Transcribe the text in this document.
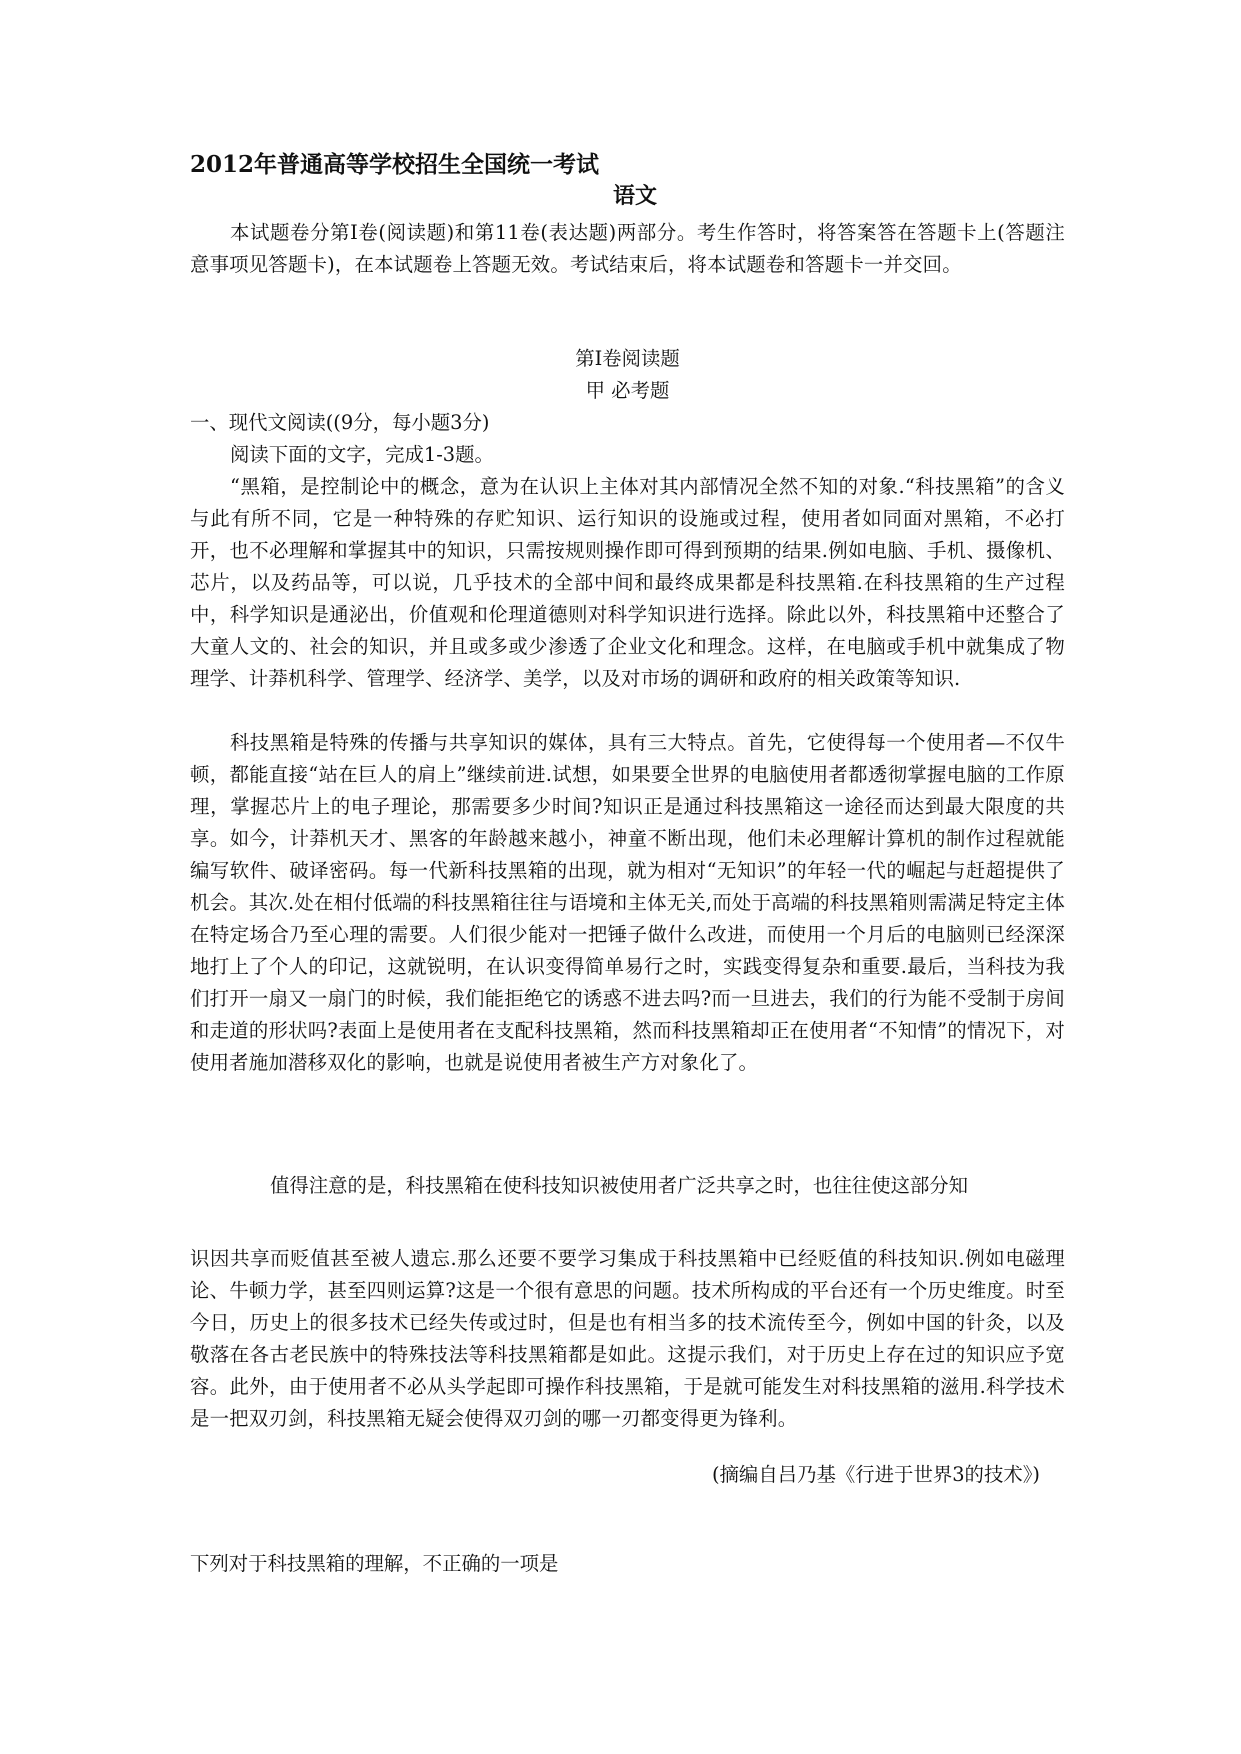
2012年普通高等学校招生全国统一考试
语文

本试题卷分第Ⅰ卷(阅读题)和第11卷(表达题)两部分。考生作答时，将答案答在答题卡上(答题注意事项见答题卡)，在本试题卷上答题无效。考试结束后，将本试题卷和答题卡一并交回。

第Ⅰ卷阅读题
甲 必考题
一、现代文阅读((9分，每小题3分)
阅读下面的文字，完成1-3题。

“黑箱，是控制论中的概念，意为在认识上主体对其内部情况全然不知的对象.“科技黑箱”的含义与此有所不同，它是一种特殊的存贮知识、运行知识的设施或过程，使用者如同面对黑箱，不必打开，也不必理解和掌握其中的知识，只需按规则操作即可得到预期的结果.例如电脑、手机、摄像机、芯片，以及药品等，可以说，几乎技术的全部中间和最终成果都是科技黑箱.在科技黑箱的生产过程中，科学知识是通泌出，价值观和伦理道德则对科学知识进行选择。除此以外，科技黑箱中还整合了大童人文的、社会的知识，并且或多或少渗透了企业文化和理念。这样，在电脑或手机中就集成了物理学、计莽机科学、管理学、经济学、美学，以及对市场的调研和政府的相关政策等知识.

科技黑箱是特殊的传播与共享知识的媒体，具有三大特点。首先，它使得每一个使用者—不仅牛顿，都能直接“站在巨人的肩上”继续前进.试想，如果要全世界的电脑使用者都透彻掌握电脑的工作原理，掌握芯片上的电子理论，那需要多少时间?知识正是通过科技黑箱这一途径而达到最大限度的共享。如今，计莽机天才、黑客的年龄越来越小，神童不断出现，他们未必理解计算机的制作过程就能编写软件、破译密码。每一代新科技黑箱的出现，就为相对“无知识”的年轻一代的崛起与赶超提供了机会。其次.处在相付低端的科技黑箱往往与语境和主体无关,而处于高端的科技黑箱则需满足特定主体在特定场合乃至心理的需要。人们很少能对一把锤子做什么改进，而使用一个月后的电脑则已经深深地打上了个人的印记，这就锐明，在认识变得简单易行之时，实践变得复杂和重要.最后，当科技为我们打开一扇又一扇门的时候，我们能拒绝它的诱惑不进去吗?而一旦进去，我们的行为能不受制于房间和走道的形状吗?表面上是使用者在支配科技黑箱，然而科技黑箱却正在使用者“不知情”的情况下，对使用者施加潜移双化的影响，也就是说使用者被生产方对象化了。

值得注意的是，科技黑箱在使科技知识被使用者广泛共享之时，也往往使这部分知

识因共享而贬值甚至被人遗忘.那么还要不要学习集成于科技黑箱中已经贬值的科技知识.例如电磁理论、牛顿力学，甚至四则运算?这是一个很有意思的问题。技术所构成的平台还有一个历史维度。时至今日，历史上的很多技术已经失传或过时，但是也有相当多的技术流传至今，例如中国的针灸，以及敬落在各古老民族中的特殊技法等科技黑箱都是如此。这提示我们，对于历史上存在过的知识应予宽容。此外，由于使用者不必从头学起即可操作科技黑箱，于是就可能发生对科技黑箱的滋用.科学技术是一把双刃剑，科技黑箱无疑会使得双刃剑的哪一刃都变得更为锋利。

(摘编自吕乃基《行进于世界3的技术》)
下列对于科技黑箱的理解，不正确的一项是
